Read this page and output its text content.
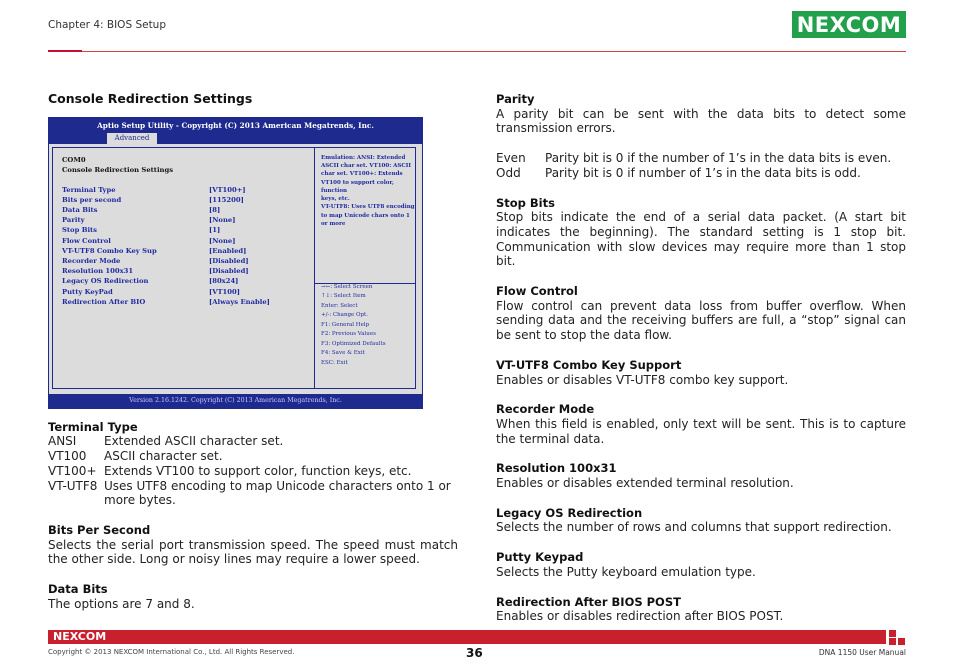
Chapter 4: BIOS Setup	NEXCOM
Console Redirection Settings
Aptio Setup Utility - Copyright (C) 2013 American Megatrends, Inc.
Advanced
COM0
Console Redirection Settings
Terminal Type	[VT100+]
Bits per second	[115200]
Data Bits	[8]
Parity	[None]
Stop Bits	[1]
Flow Control	[None]
VT-UTF8 Combo Key Sup	[Enabled]
Recorder Mode	[Disabled]
Resolution 100x31	[Disabled]
Legacy OS Redirection	[80x24]
Putty KeyPad	[VT100]
Redirection After BIO	[Always Enable]
Emulation: ANSI: Extended
ASCII char set. VT100: ASCII
char set. VT100+: Extends
VT100 to support color, function
keys, etc.
VT-UTF8: Uses UTF8 encoding
to map Unicode chars onto 1
or more
→←: Select Screen
↑↓: Select Item
Enter: Select
+/-: Change Opt.
F1: General Help
F2: Previous Values
F3: Optimized Defaults
F4: Save & Exit
ESC: Exit
Version 2.16.1242. Copyright (C) 2013 American Megatrends, Inc.
Terminal Type
ANSI	Extended ASCII character set.
VT100	ASCII character set.
VT100+ Extends VT100 to support color, function keys, etc.
VT-UTF8 Uses UTF8 encoding to map Unicode characters onto 1 or more bytes.
Bits Per Second
Selects the serial port transmission speed. The speed must match the other side. Long or noisy lines may require a lower speed.
Data Bits
The options are 7 and 8.
Parity
A parity bit can be sent with the data bits to detect some transmission errors.
Even	Parity bit is 0 if the number of 1’s in the data bits is even.
Odd	Parity bit is 0 if number of 1’s in the data bits is odd.
Stop Bits
Stop bits indicate the end of a serial data packet. (A start bit indicates the beginning). The standard setting is 1 stop bit. Communication with slow devices may require more than 1 stop bit.
Flow Control
Flow control can prevent data loss from buffer overflow. When sending data and the receiving buffers are full, a “stop” signal can be sent to stop the data flow.
VT-UTF8 Combo Key Support
Enables or disables VT-UTF8 combo key support.
Recorder Mode
When this field is enabled, only text will be sent. This is to capture the terminal data.
Resolution 100x31
Enables or disables extended terminal resolution.
Legacy OS Redirection
Selects the number of rows and columns that support redirection.
Putty Keypad
Selects the Putty keyboard emulation type.
Redirection After BIOS POST
Enables or disables redirection after BIOS POST.
NEXCOM
Copyright © 2013 NEXCOM International Co., Ltd. All Rights Reserved.	36	DNA 1150 User Manual
